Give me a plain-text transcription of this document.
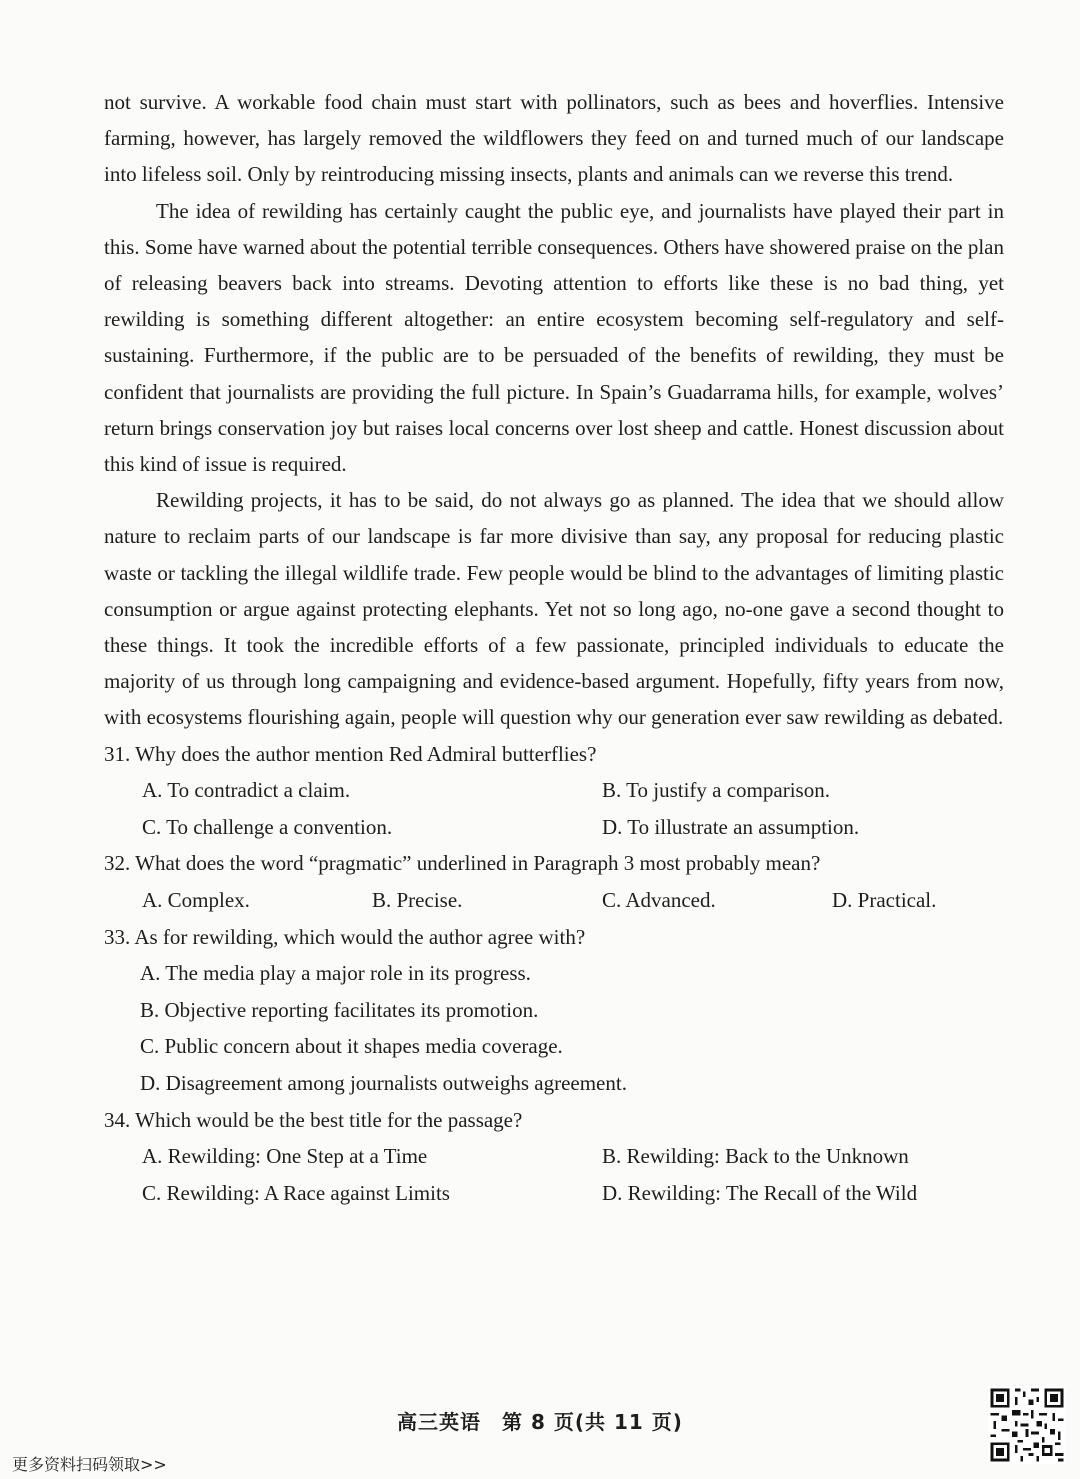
not survive. A workable food chain must start with pollinators, such as bees and hoverflies. Intensive farming, however, has largely removed the wildflowers they feed on and turned much of our landscape into lifeless soil. Only by reintroducing missing insects, plants and animals can we reverse this trend.

The idea of rewilding has certainly caught the public eye, and journalists have played their part in this. Some have warned about the potential terrible consequences. Others have showered praise on the plan of releasing beavers back into streams. Devoting attention to efforts like these is no bad thing, yet rewilding is something different altogether: an entire ecosystem becoming self-regulatory and self-sustaining. Furthermore, if the public are to be persuaded of the benefits of rewilding, they must be confident that journalists are providing the full picture. In Spain’s Guadarrama hills, for example, wolves’ return brings conservation joy but raises local concerns over lost sheep and cattle. Honest discussion about this kind of issue is required.

Rewilding projects, it has to be said, do not always go as planned. The idea that we should allow nature to reclaim parts of our landscape is far more divisive than say, any proposal for reducing plastic waste or tackling the illegal wildlife trade. Few people would be blind to the advantages of limiting plastic consumption or argue against protecting elephants. Yet not so long ago, no-one gave a second thought to these things. It took the incredible efforts of a few passionate, principled individuals to educate the majority of us through long campaigning and evidence-based argument. Hopefully, fifty years from now, with ecosystems flourishing again, people will question why our generation ever saw rewilding as debated.

31. Why does the author mention Red Admiral butterflies?

A. To contradict a claim.	B. To justify a comparison.
C. To challenge a convention.	D. To illustrate an assumption.

32. What does the word “pragmatic” underlined in Paragraph 3 most probably mean?

A. Complex.	B. Precise.	C. Advanced.	D. Practical.

33. As for rewilding, which would the author agree with?

A. The media play a major role in its progress.

B. Objective reporting facilitates its promotion.

C. Public concern about it shapes media coverage.

D. Disagreement among journalists outweighs agreement.

34. Which would be the best title for the passage?

A. Rewilding: One Step at a Time	B. Rewilding: Back to the Unknown
C. Rewilding: A Race against Limits	D. Rewilding: The Recall of the Wild
高三英语　第 8 页(共 11 页)
更多资料扫码领取>>
